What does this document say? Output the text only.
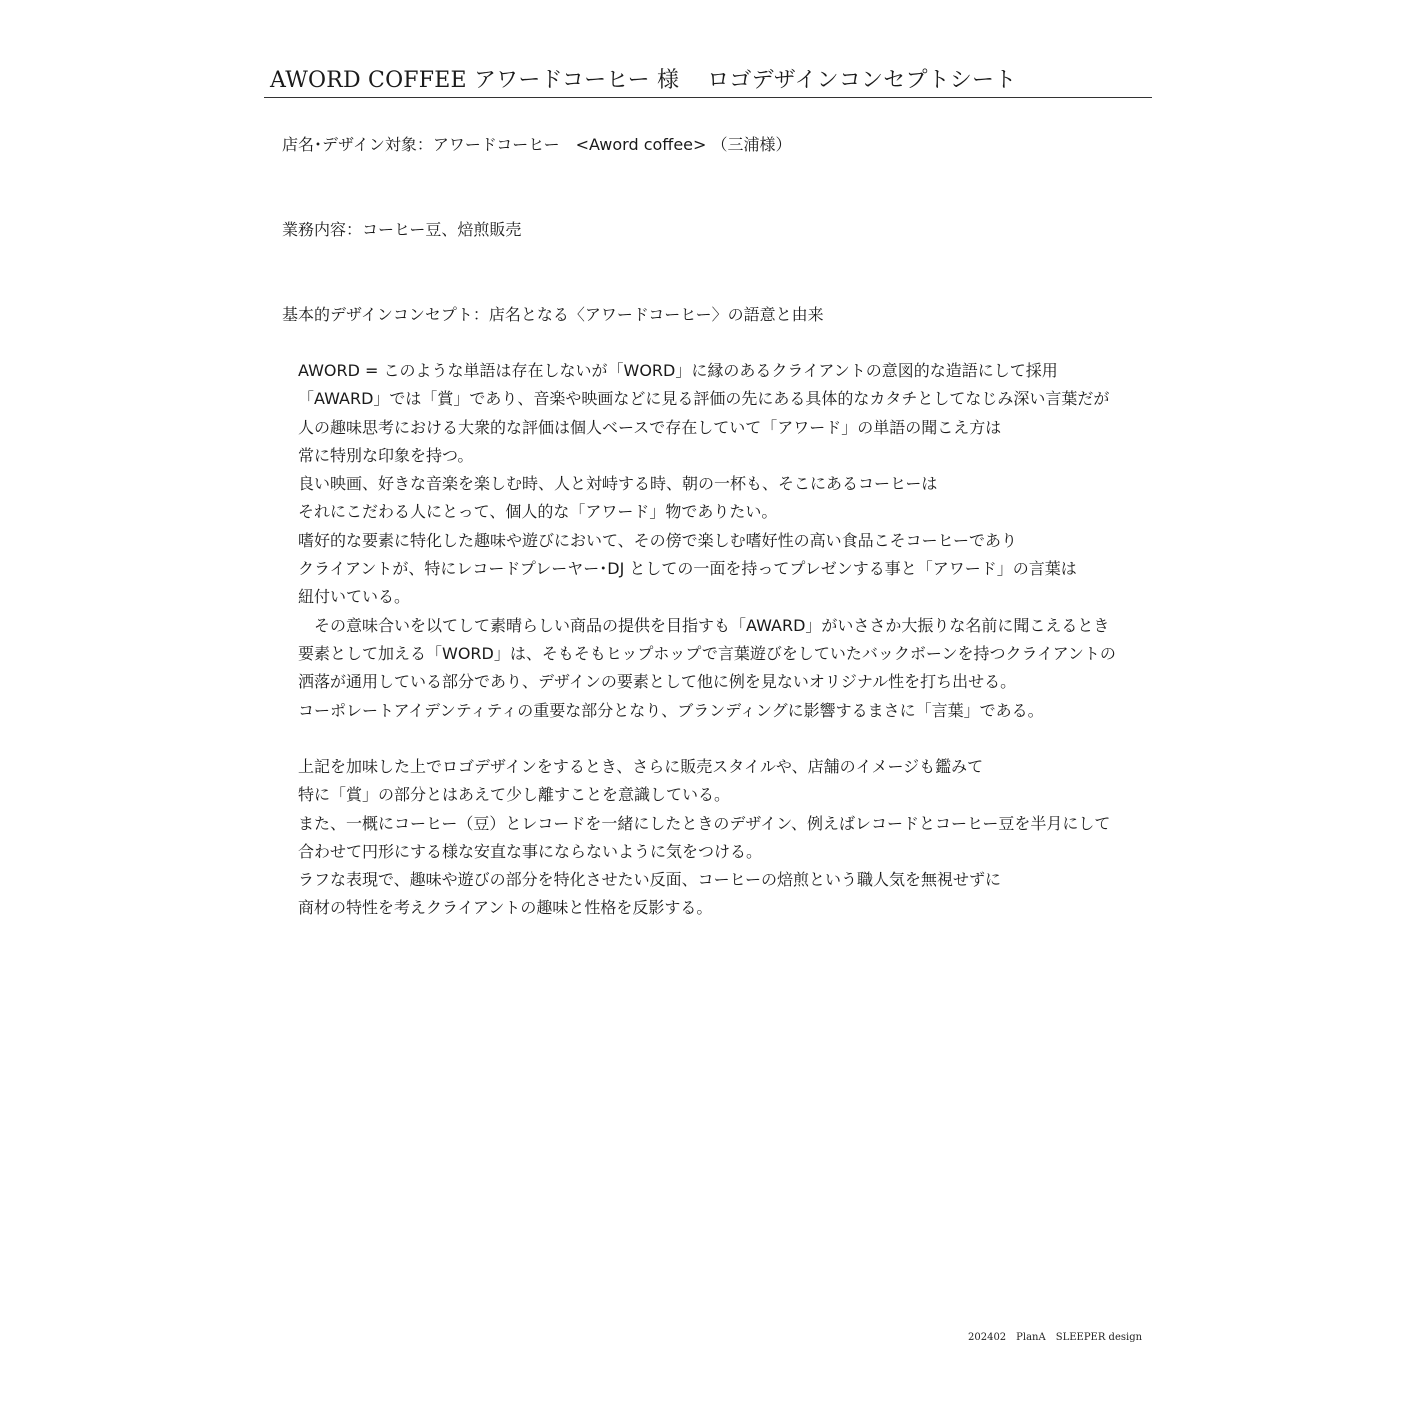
AWORD COFFEE アワードコーヒー 様 ロゴデザインコンセプトシート
店名･デザイン対象：アワードコーヒー　<Aword coffee> （三浦様）
業務内容：コーヒー豆、焙煎販売
基本的デザインコンセプト：店名となる〈アワードコーヒー〉の語意と由来
AWORD = このような単語は存在しないが「WORD」に縁のあるクライアントの意図的な造語にして採用
「AWARD」では「賞」であり、音楽や映画などに見る評価の先にある具体的なカタチとしてなじみ深い言葉だが
人の趣味思考における大衆的な評価は個人ベースで存在していて「アワード」の単語の聞こえ方は
常に特別な印象を持つ。
良い映画、好きな音楽を楽しむ時、人と対峙する時、朝の一杯も、そこにあるコーヒーは
それにこだわる人にとって、個人的な「アワード」物でありたい。
嗜好的な要素に特化した趣味や遊びにおいて、その傍で楽しむ嗜好性の高い食品こそコーヒーであり
クライアントが、特にレコードプレーヤー･DJ としての一面を持ってプレゼンする事と「アワード」の言葉は
紐付いている。
　その意味合いを以てして素晴らしい商品の提供を目指すも「AWARD」がいささか大振りな名前に聞こえるとき
要素として加える「WORD」は、そもそもヒップホップで言葉遊びをしていたバックボーンを持つクライアントの
洒落が通用している部分であり、デザインの要素として他に例を見ないオリジナル性を打ち出せる。
コーポレートアイデンティティの重要な部分となり、ブランディングに影響するまさに「言葉」である。
上記を加味した上でロゴデザインをするとき、さらに販売スタイルや、店舗のイメージも鑑みて
特に「賞」の部分とはあえて少し離すことを意識している。
また、一概にコーヒー（豆）とレコードを一緒にしたときのデザイン、例えばレコードとコーヒー豆を半月にして
合わせて円形にする様な安直な事にならないように気をつける。
ラフな表現で、趣味や遊びの部分を特化させたい反面、コーヒーの焙煎という職人気を無視せずに
商材の特性を考えクライアントの趣味と性格を反影する。
202402　PlanA　SLEEPER design
